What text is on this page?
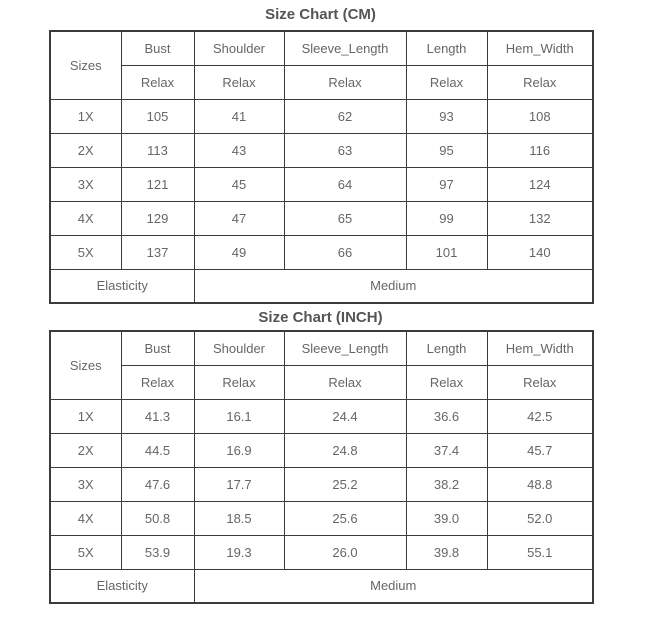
Size Chart (CM)
Sizes	Bust	Shoulder	Sleeve_Length	Length	Hem_Width
	Relax	Relax	Relax	Relax	Relax
1X	105	41	62	93	108
2X	113	43	63	95	116
3X	121	45	64	97	124
4X	129	47	65	99	132
5X	137	49	66	101	140
Elasticity		Medium			
Size Chart (INCH)
Sizes	Bust	Shoulder	Sleeve_Length	Length	Hem_Width
	Relax	Relax	Relax	Relax	Relax
1X	41.3	16.1	24.4	36.6	42.5
2X	44.5	16.9	24.8	37.4	45.7
3X	47.6	17.7	25.2	38.2	48.8
4X	50.8	18.5	25.6	39.0	52.0
5X	53.9	19.3	26.0	39.8	55.1
Elasticity		Medium			
